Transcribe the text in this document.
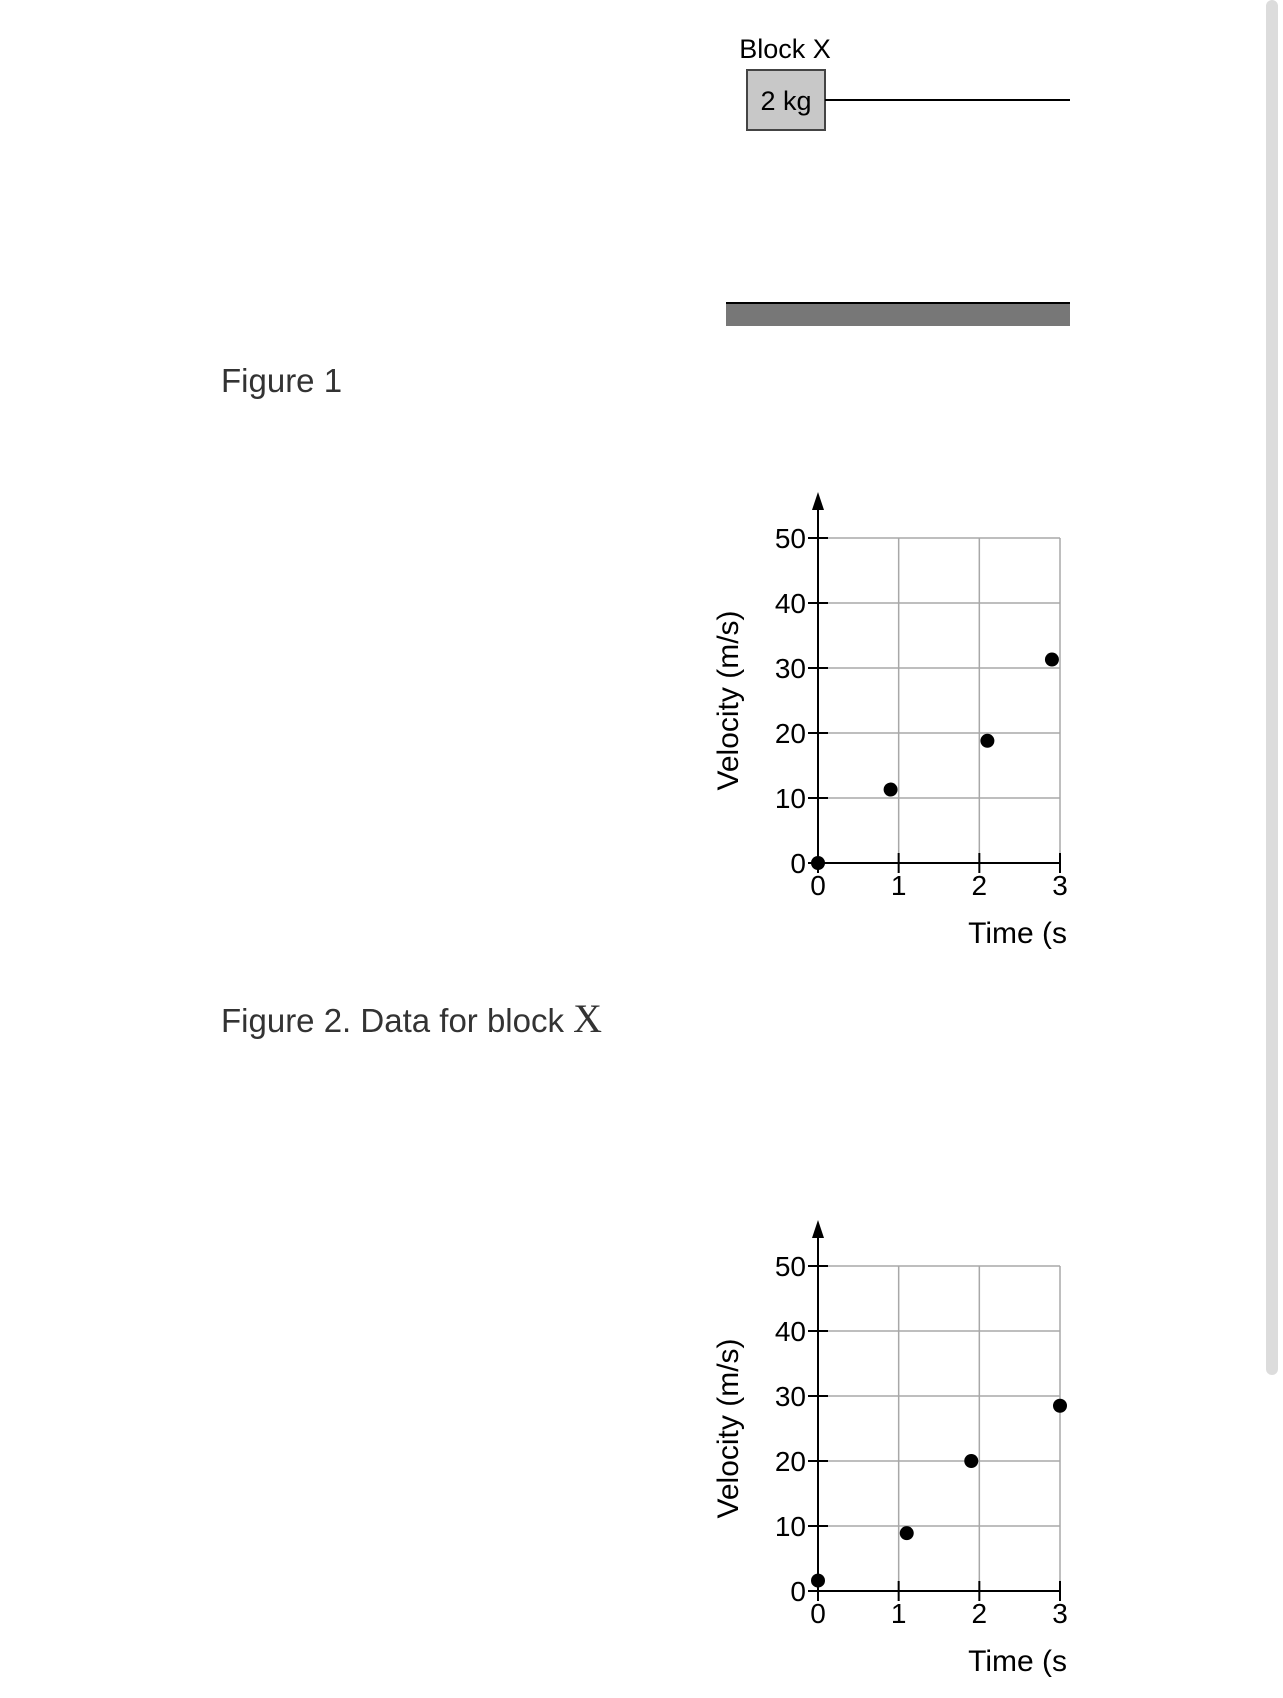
Figure 1
Block X
2 kg
0
10
20
30
40
50
0 1 2 3
Time (s
Velocity (m/s)
Figure 2. Data for block X
0
10
20
30
40
50
0 1 2 3
Time (s
Velocity (m/s)
